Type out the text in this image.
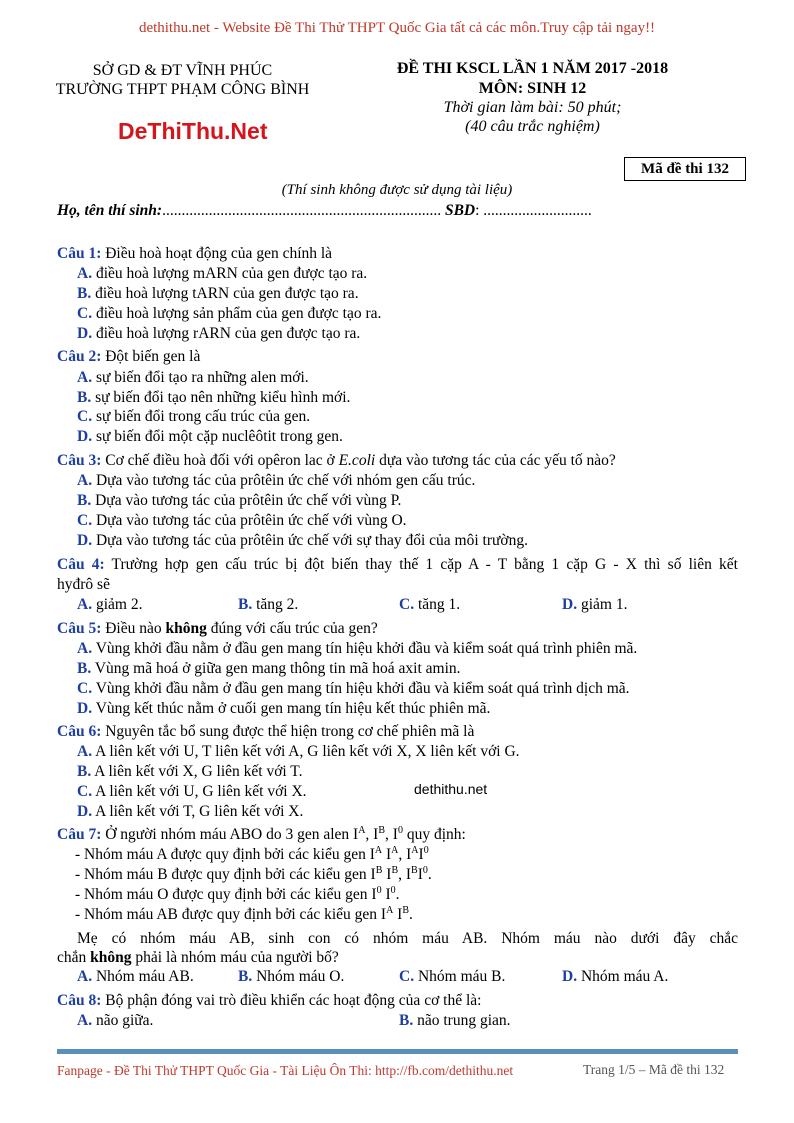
dethithu.net - Website Đề Thi Thử THPT Quốc Gia tất cả các môn.Truy cập tải ngay!!
SỞ GD & ĐT VĨNH PHÚC
TRƯỜNG THPT PHẠM CÔNG BÌNH
DeThiThu.Net
ĐỀ THI KSCL LẦN 1 NĂM 2017 -2018
MÔN: SINH 12
Thời gian làm bài: 50 phút;
(40 câu trắc nghiệm)
Mã đề thi 132
(Thí sinh không được sử dụng tài liệu)
Họ, tên thí sinh:........................................................................ SBD: ............................
Câu 1: Điều hoà hoạt động của gen chính là
A. điều hoà lượng mARN của gen được tạo ra.
B. điều hoà lượng tARN của gen được tạo ra.
C. điều hoà lượng sản phẩm của gen được tạo ra.
D. điều hoà lượng rARN của gen được tạo ra.
Câu 2: Đột biến gen là
A. sự biến đổi tạo ra những alen mới.
B. sự biến đổi tạo nên những kiểu hình mới.
C. sự biến đổi trong cấu trúc của gen.
D. sự biến đổi một cặp nuclêôtit trong gen.
Câu 3: Cơ chế điều hoà đối với opêron lac ở E.coli dựa vào tương tác của các yếu tố nào?
A. Dựa vào tương tác của prôtêin ức chế với nhóm gen cấu trúc.
B. Dựa vào tương tác của prôtêin ức chế với vùng P.
C. Dựa vào tương tác của prôtêin ức chế với vùng O.
D. Dựa vào tương tác của prôtêin ức chế với sự thay đổi của môi trường.
Câu 4: Trường hợp gen cấu trúc bị đột biến thay thế 1 cặp A - T bằng 1 cặp G - X thì số liên kết
hyđrô sẽ
A. giảm 2.	B. tăng 2.	C. tăng 1.	D. giảm 1.
Câu 5: Điều nào không đúng với cấu trúc của gen?
A. Vùng khởi đầu nằm ở đầu gen mang tín hiệu khởi đầu và kiểm soát quá trình phiên mã.
B. Vùng mã hoá ở giữa gen mang thông tin mã hoá axit amin.
C. Vùng khởi đầu nằm ở đầu gen mang tín hiệu khởi đầu và kiểm soát quá trình dịch mã.
D. Vùng kết thúc nằm ở cuối gen mang tín hiệu kết thúc phiên mã.
Câu 6: Nguyên tắc bổ sung được thể hiện trong cơ chế phiên mã là
A. A liên kết với U, T liên kết với A, G liên kết với X, X liên kết với G.
B. A liên kết với X, G liên kết với T.
C. A liên kết với U, G liên kết với X.
D. A liên kết với T, G liên kết với X.
dethithu.net
Câu 7: Ở người nhóm máu ABO do 3 gen alen $I^A$, $I^B$, $I^0$ quy định:
- Nhóm máu A được quy định bởi các kiểu gen $I^A$ $I^A$, $I^AI^0$
- Nhóm máu B được quy định bởi các kiểu gen $I^B$ $I^B$, $I^BI^0$.
- Nhóm máu O được quy định bởi các kiểu gen $I^0$ $I^0$.
- Nhóm máu AB được quy định bởi các kiểu gen $I^A$ $I^B$.
Mẹ có nhóm máu AB, sinh con có nhóm máu AB. Nhóm máu nào dưới đây chắc
chắn không phải là nhóm máu của người bố?
A. Nhóm máu AB.	B. Nhóm máu O.	C. Nhóm máu B.	D. Nhóm máu A.
Câu 8: Bộ phận đóng vai trò điều khiển các hoạt động của cơ thể là:
A. não giữa.	B. não trung gian.
Fanpage - Đề Thi Thử THPT Quốc Gia - Tài Liệu Ôn Thi: http://fb.com/dethithu.net	Trang 1/5 – Mã đề thi 132
